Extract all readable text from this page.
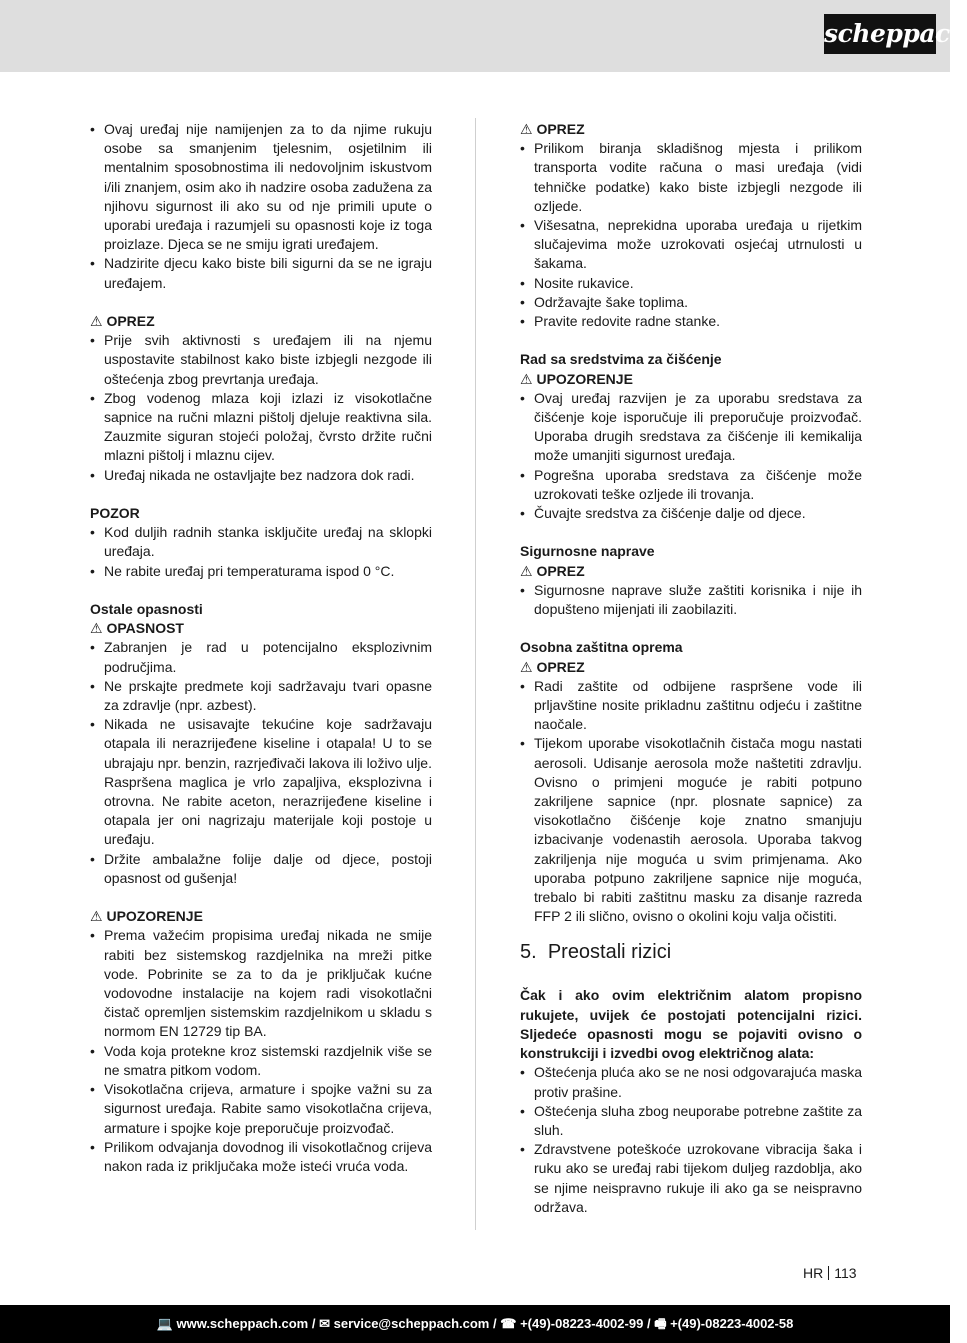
scheppach
• Ovaj uređaj nije namijenjen za to da njime rukuju osobe sa smanjenim tjelesnim, osjetilnim ili mentalnim sposobnostima ili nedovoljnim iskustvom i/ili znanjem, osim ako ih nadzire osoba zadužena za njihovu sigurnost ili ako su od nje primili upute o uporabi uređaja i razumjeli su opasnosti koje iz toga proizlaze. Djeca se ne smiju igrati uređajem.
• Nadzirite djecu kako biste bili sigurni da se ne igraju uređajem.
⚠ OPREZ
• Prije svih aktivnosti s uređajem ili na njemu uspostavite stabilnost kako biste izbjegli nezgode ili oštećenja zbog prevrtanja uređaja.
• Zbog vodenog mlaza koji izlazi iz visokotlačne sapnice na ručni mlazni pištolj djeluje reaktivna sila. Zauzmite siguran stojeći položaj, čvrsto držite ručni mlazni pištolj i mlaznu cijev.
• Uređaj nikada ne ostavljajte bez nadzora dok radi.
POZOR
• Kod duljih radnih stanka isključite uređaj na sklopki uređaja.
• Ne rabite uređaj pri temperaturama ispod 0 °C.
Ostale opasnosti
⚠ OPASNOST
• Zabranjen je rad u potencijalno eksplozivnim područjima.
• Ne prskajte predmete koji sadržavaju tvari opasne za zdravlje (npr. azbest).
• Nikada ne usisavajte tekućine koje sadržavaju otapala ili nerazrijeđene kiseline i otapala! U to se ubrajaju npr. benzin, razrjeđivači lakova ili loživo ulje. Raspršena maglica je vrlo zapaljiva, eksplozivna i otrovna. Ne rabite aceton, nerazrijeđene kiseline i otapala jer oni nagrizaju materijale koji postoje u uređaju.
• Držite ambalažne folije dalje od djece, postoji opasnost od gušenja!
⚠ UPOZORENJE
• Prema važećim propisima uređaj nikada ne smije rabiti bez sistemskog razdjelnika na mreži pitke vode. Pobrinite se za to da je priključak kućne vodovodne instalacije na kojem radi visokotlačni čistač opremljen sistemskim razdjelnikom u skladu s normom EN 12729 tip BA.
• Voda koja protekne kroz sistemski razdjelnik više se ne smatra pitkom vodom.
• Visokotlačna crijeva, armature i spojke važni su za sigurnost uređaja. Rabite samo visokotlačna crijeva, armature i spojke koje preporučuje proizvođač.
• Prilikom odvajanja dovodnog ili visokotlačnog crijeva nakon rada iz priključaka može isteći vruća voda.
⚠ OPREZ
• Prilikom biranja skladišnog mjesta i prilikom transporta vodite računa o masi uređaja (vidi tehničke podatke) kako biste izbjegli nezgode ili ozljede.
• Višesatna, neprekidna uporaba uređaja u rijetkim slučajevima može uzrokovati osjećaj utrnulosti u šakama.
• Nosite rukavice.
• Održavajte šake toplima.
• Pravite redovite radne stanke.
Rad sa sredstvima za čišćenje
⚠ UPOZORENJE
• Ovaj uređaj razvijen je za uporabu sredstava za čišćenje koje isporučuje ili preporučuje proizvođač. Uporaba drugih sredstava za čišćenje ili kemikalija može umanjiti sigurnost uređaja.
• Pogrešna uporaba sredstava za čišćenje može uzrokovati teške ozljede ili trovanja.
• Čuvajte sredstva za čišćenje dalje od djece.
Sigurnosne naprave
⚠ OPREZ
• Sigurnosne naprave služe zaštiti korisnika i nije ih dopušteno mijenjati ili zaobilaziti.
Osobna zaštitna oprema
⚠ OPREZ
• Radi zaštite od odbijene raspršene vode ili prljavštine nosite prikladnu zaštitnu odjeću i zaštitne naočale.
• Tijekom uporabe visokotlačnih čistača mogu nastati aerosoli. Udisanje aerosola može naštetiti zdravlju. Ovisno o primjeni moguće je rabiti potpuno zakriljene sapnice (npr. plosnate sapnice) za visokotlačno čišćenje koje znatno smanjuju izbacivanje vodenastih aerosola. Uporaba takvog zakriljenja nije moguća u svim primjenama. Ako uporaba potpuno zakriljene sapnice nije moguća, trebalo bi rabiti zaštitnu masku za disanje razreda FFP 2 ili slično, ovisno o okolini koju valja očistiti.
5. Preostali rizici
Čak i ako ovim električnim alatom propisno rukujete, uvijek će postojati potencijalni rizici. Sljedeće opasnosti mogu se pojaviti ovisno o konstrukciji i izvedbi ovog električnog alata:
• Oštećenja pluća ako se ne nosi odgovarajuća maska protiv prašine.
• Oštećenja sluha zbog neuporabe potrebne zaštite za sluh.
• Zdravstvene poteškoće uzrokovane vibracija šaka i ruku ako se uređaj rabi tijekom duljeg razdoblja, ako se njime neispravno rukuje ili ako ga se neispravno održava.
HR 113
💻 www.scheppach.com / ✉ service@scheppach.com / ☎ +(49)-08223-4002-99 / 🖷 +(49)-08223-4002-58
